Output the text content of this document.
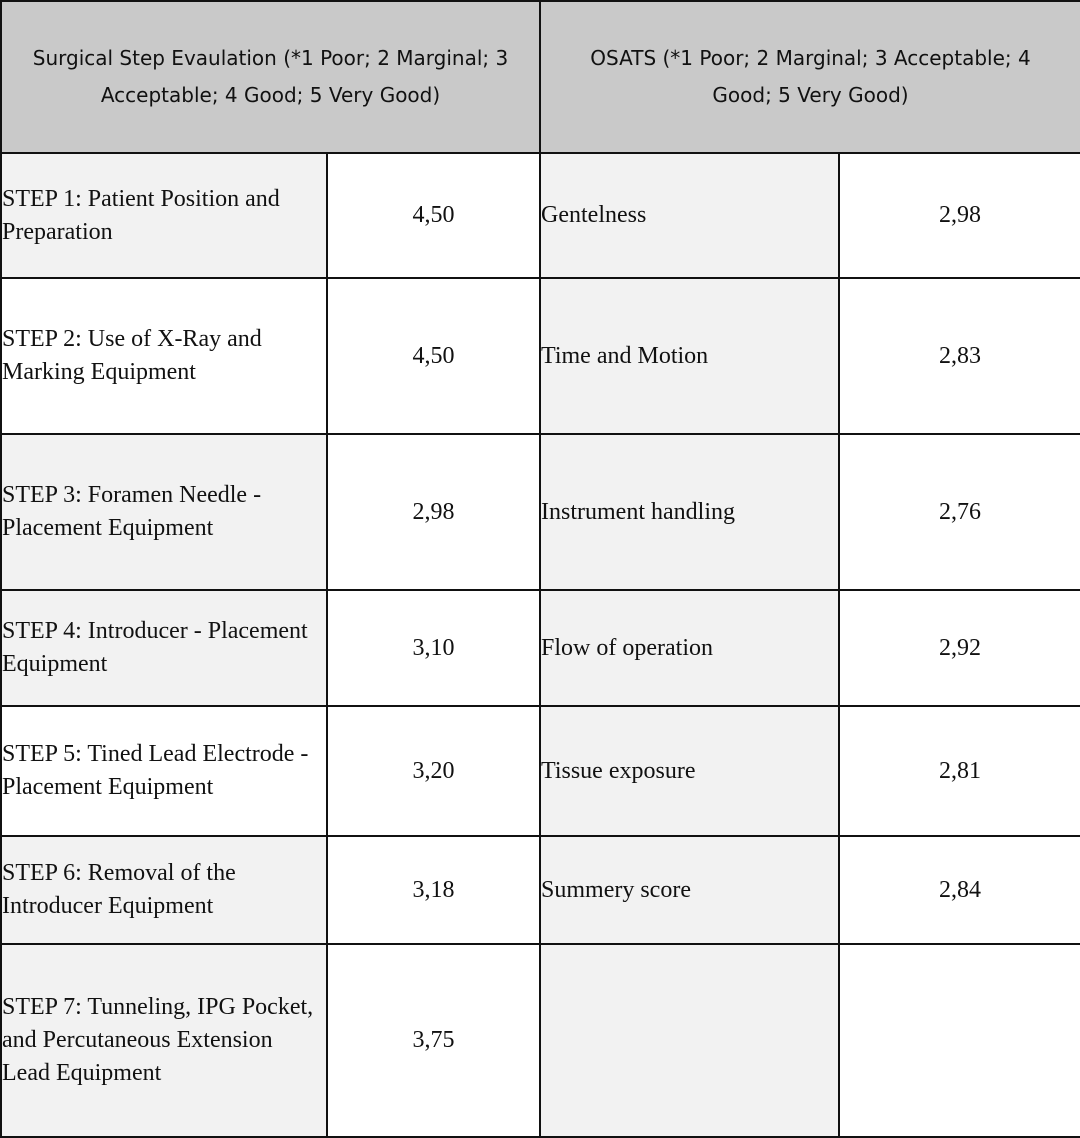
Surgical Step Evaulation (*1 Poor; 2 Marginal; 3 Acceptable; 4 Good; 5 Very Good)		OSATS (*1 Poor; 2 Marginal; 3 Acceptable; 4 Good; 5 Very Good)	
STEP 1: Patient Position and Preparation	4,50	Gentelness	2,98
STEP 2: Use of X-Ray and Marking Equipment	4,50	Time and Motion	2,83
STEP 3: Foramen Needle - Placement Equipment	2,98	Instrument handling	2,76
STEP 4: Introducer - Placement Equipment	3,10	Flow of operation	2,92
STEP 5: Tined Lead Electrode - Placement Equipment	3,20	Tissue exposure	2,81
STEP 6: Removal of the Introducer Equipment	3,18	Summery score	2,84
STEP 7: Tunneling, IPG Pocket, and Percutaneous Extension Lead Equipment	3,75		
